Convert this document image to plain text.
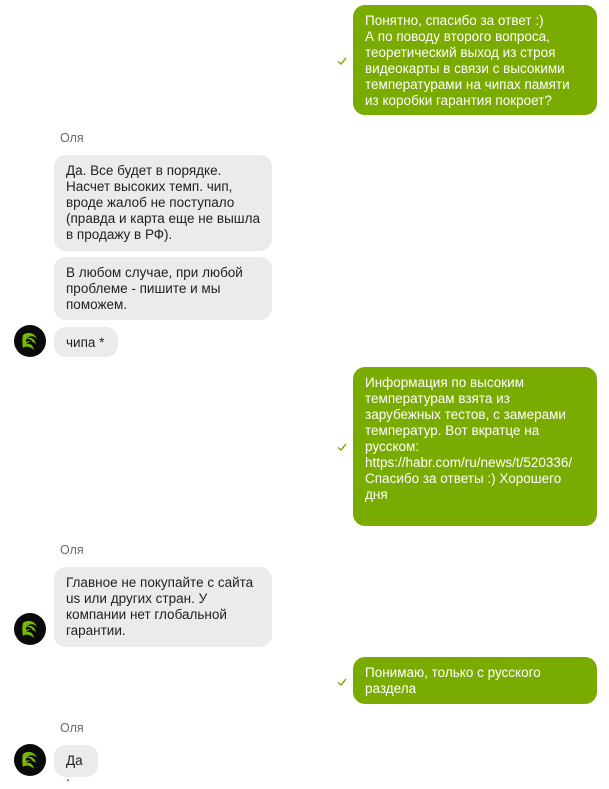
Понятно, спасибо за ответ :)
А по поводу второго вопроса, теоретический выход из строя видеокарты в связи с высокими температурами на чипах памяти из коробки гарантия покроет?
Оля
Да. Все будет в порядке.
Насчет высоких темп. чип, вроде жалоб не поступало (правда и карта еще не вышла в продажу в РФ).
В любом случае, при любой проблеме - пишите и мы поможем.
чипа *
Информация по высоким температурам взята из зарубежных тестов, с замерами температур. Вот вкратце на русском:
https://habr.com/ru/news/t/520336/
Спасибо за ответы :) Хорошего дня
Оля
Главное не покупайте с сайта us или других стран. У компании нет глобальной гарантии.
Понимаю, только с русского раздела
Оля
Да.
